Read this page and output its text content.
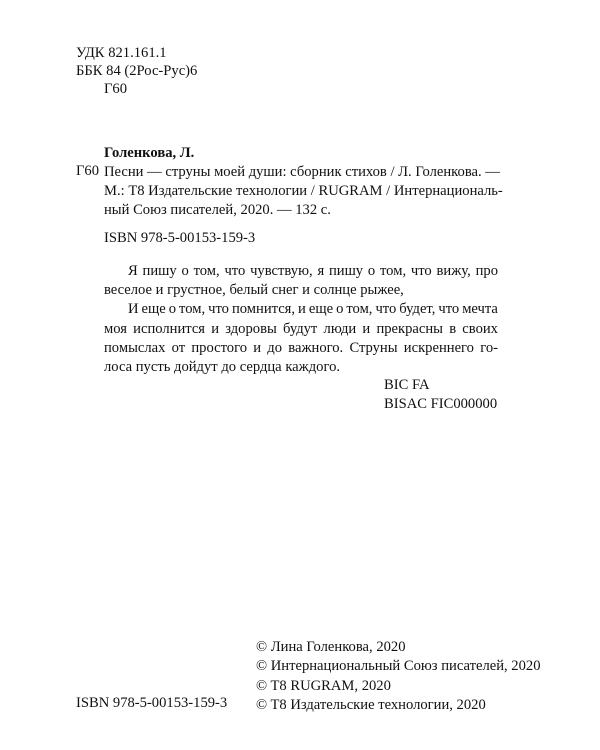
УДК 821.161.1
ББК 84 (2Рос-Рус)6
Г60
Голенкова, Л.
Г60 Песни — струны моей души: сборник стихов / Л. Голенкова. —
М.: T8 Издательские технологии / RUGRAM / Интернациональ-
ный Союз писателей, 2020. — 132 с.
ISBN 978-5-00153-159-3
Я пишу о том, что чувствую, я пишу о том, что вижу, про
веселое
и
грустное,
белый
снег
и
солнце
рыжее,
И еще о том, что помнится, и еще о том, что будет, что мечта
моя исполнится и здоровы будут люди и прекрасны в своих
помыслах от простого и до важного. Струны искреннего го-
лоса
пусть
дойдут
до
сердца
каждого.
BIC FA
BISAC FIC000000
© Лина Голенкова, 2020
© Интернациональный Союз писателей, 2020
© T8 RUGRAM, 2020
© T8 Издательские технологии, 2020
ISBN 978-5-00153-159-3
